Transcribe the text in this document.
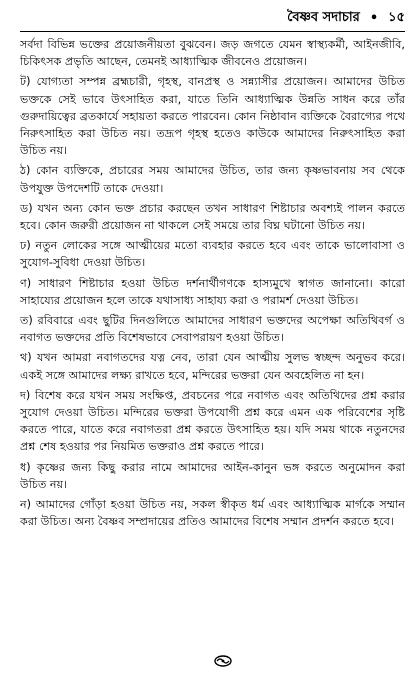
বৈষ্ণব সদাচার • ১৫

সর্বদা বিভিন্ন ভক্তের প্রয়োজনীয়তা বুঝবেন। জড় জগতে যেমন স্বাস্থ্যকর্মী, আইনজীবি, চিকিৎসক প্রভৃতি আছেন, তেমনই আধ্যাত্মিক জীবনেও প্রয়োজন।

ট) যোগ্যতা সম্পন্ন ব্রহ্মচারী, গৃহস্থ, বানপ্রস্থ ও সন্ন্যাসীর প্রয়োজন। আমাদের উচিত ভক্তকে সেই ভাবে উৎসাহিত করা, যাতে তিনি আধ্যাত্মিক উন্নতি সাধন করে তাঁর গুরুদায়িত্বের ব্রতকার্যে সহায়তা করতে পারবেন। কোন নিষ্ঠাবান ব্যক্তিকে বৈরাগ্যের পথে নিরুৎসাহিত করা উচিত নয়। তদ্রূপ গৃহস্থ হতেও কাউকে আমাদের নিরুৎসাহিত করা উচিত নয়।

ঠ) কোন ব্যক্তিকে, প্রচারের সময় আমাদের উচিত, তার জন্য কৃষ্ণভাবনায় সব থেকে উপযুক্ত উপদেশটি তাকে দেওয়া।

ড) যখন অন্য কোন ভক্ত প্রচার করছেন তখন সাধারণ শিষ্টাচার অবশ্যই পালন করতে হবে। কোন জরুরী প্রয়োজন না থাকলে সেই সময়ে তার বিঘ্ন ঘটানো উচিত নয়।

ঢ) নতুন লোকের সঙ্গে আত্মীয়ের মতো ব্যবহার করতে হবে এবং তাকে ভালোবাসা ও সুযোগ-সুবিধা দেওয়া উচিত।

ণ) সাধারণ শিষ্টাচার হওয়া উচিত দর্শনার্থীগণকে হাস্যমুখে স্বাগত জানানো। কারো সাহায্যের প্রয়োজন হলে তাকে যথাসাধ্য সাহায্য করা ও পরামর্শ দেওয়া উচিত।

ত) রবিবারে এবং ছুটির দিনগুলিতে আমাদের সাধারণ ভক্তদের অপেক্ষা অতিথিবর্গ ও নবাগত ভক্তদের প্রতি বিশেষভাবে সেবাপরায়ণ হওয়া উচিত।

থ) যখন আমরা নবাগতদের যত্ন নেব, তারা যেন আত্মীয় সুলভ স্বচ্ছন্দ অনুভব করে। একই সঙ্গে আমাদের লক্ষ্য রাখতে হবে, মন্দিরের ভক্তরা যেন অবহেলিত না হন।

দ) বিশেষ করে যখন সময় সংক্ষিপ্ত, প্রবচনের পরে নবাগত এবং অতিথিদের প্রশ্ন করার সুযোগ দেওয়া উচিত। মন্দিরের ভক্তরা উপযোগী প্রশ্ন করে এমন এক পরিবেশের সৃষ্টি করতে পারে, যাতে করে নবাগতরা প্রশ্ন করতে উৎসাহিত হয়। যদি সময় থাকে নতুনদের প্রশ্ন শেষ হওয়ার পর নিয়মিত ভক্তরাও প্রশ্ন করতে পারে।

ধ) কৃষ্ণের জন্য কিছু করার নামে আমাদের আইন-কানুন ভঙ্গ করতে অনুমোদন করা উচিত নয়।

ন) আমাদের গোঁড়া হওয়া উচিত নয়, সকল স্বীকৃত ধর্ম এবং আধ্যাত্মিক মার্গকে সম্মান করা উচিত। অন্য বৈষ্ণব সম্প্রদায়ের প্রতিও আমাদের বিশেষ সম্মান প্রদর্শন করতে হবে।
